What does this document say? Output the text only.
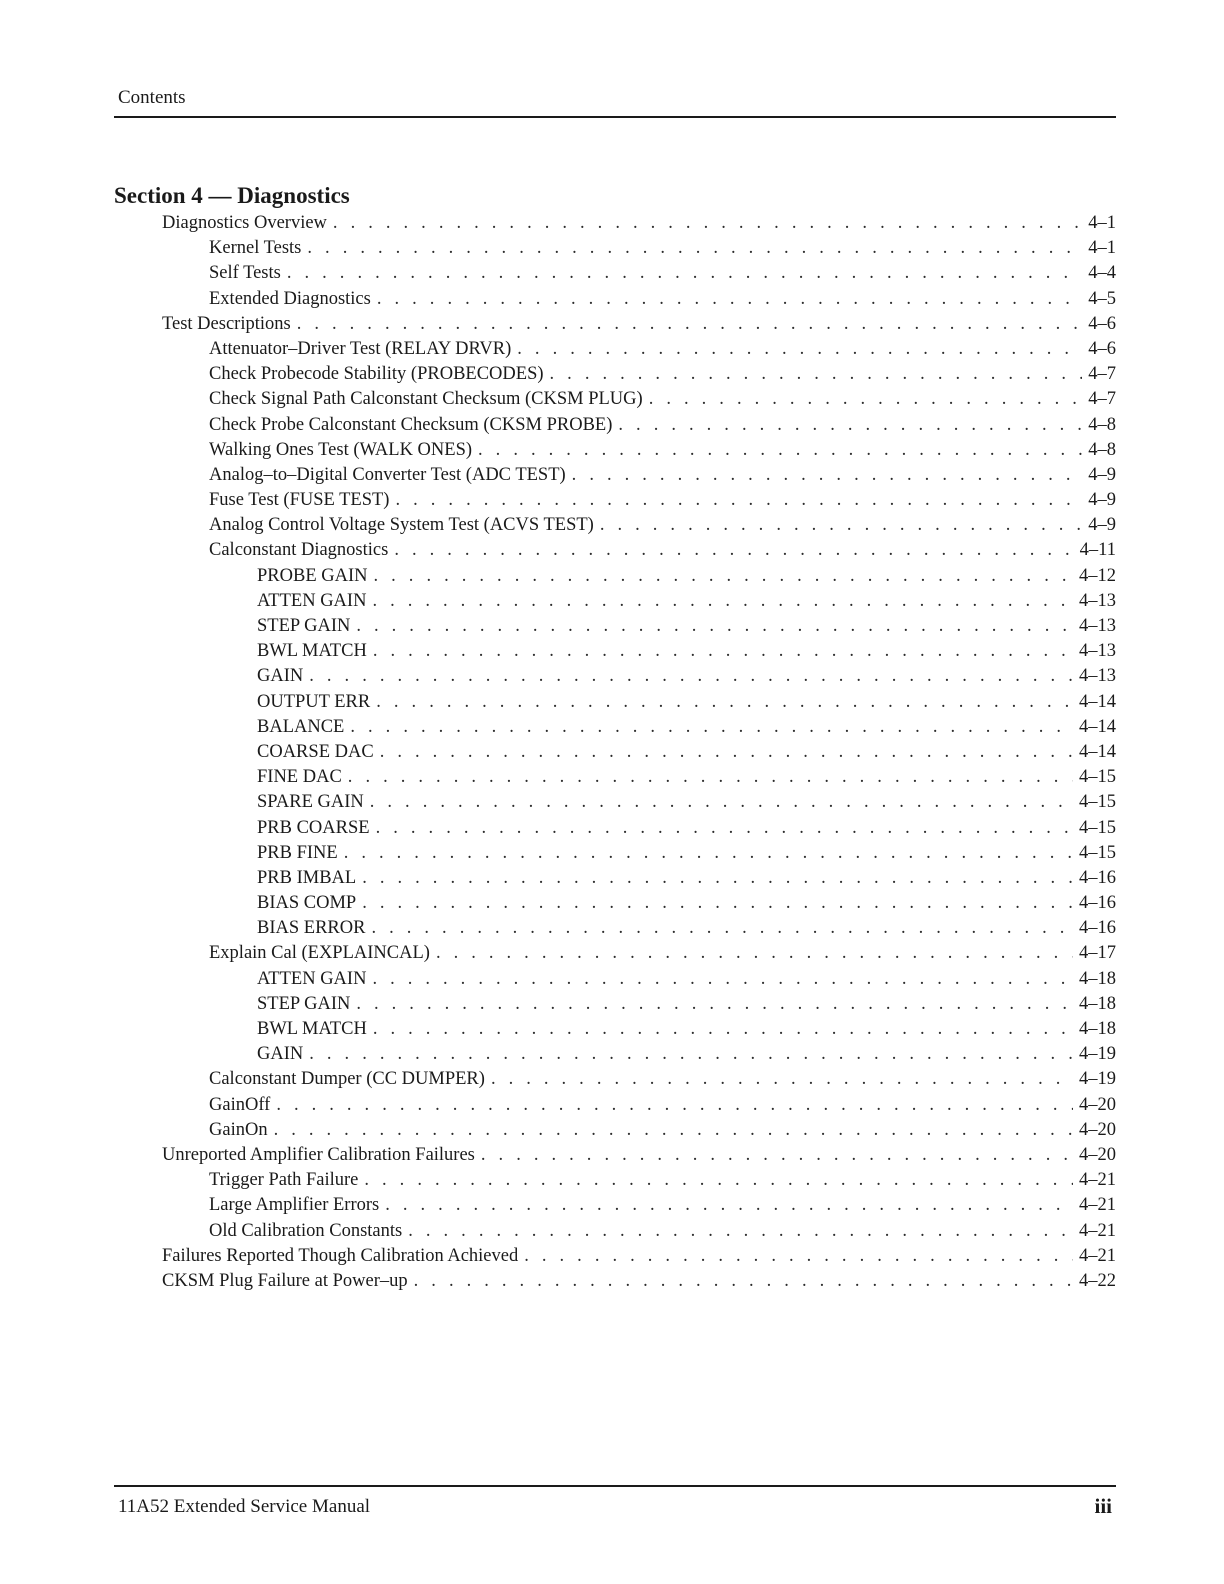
Contents
Section 4 — Diagnostics
Diagnostics Overview . . .	4–1
Kernel Tests . . .	4–1
Self Tests . . .	4–4
Extended Diagnostics . . .	4–5
Test Descriptions . . .	4–6
Attenuator–Driver Test (RELAY DRVR) . . .	4–6
Check Probecode Stability (PROBECODES) . . .	4–7
Check Signal Path Calconstant Checksum (CKSM PLUG) . . .	4–7
Check Probe Calconstant Checksum (CKSM PROBE) . . .	4–8
Walking Ones Test (WALK ONES) . . .	4–8
Analog–to–Digital Converter Test (ADC TEST) . . .	4–9
Fuse Test (FUSE TEST) . . .	4–9
Analog Control Voltage System Test (ACVS TEST) . . .	4–9
Calconstant Diagnostics . . .	4–11
PROBE GAIN . . .	4–12
ATTEN GAIN . . .	4–13
STEP GAIN . . .	4–13
BWL MATCH . . .	4–13
GAIN . . .	4–13
OUTPUT ERR . . .	4–14
BALANCE . . .	4–14
COARSE DAC . . .	4–14
FINE DAC . . .	4–15
SPARE GAIN . . .	4–15
PRB COARSE . . .	4–15
PRB FINE . . .	4–15
PRB IMBAL . . .	4–16
BIAS COMP . . .	4–16
BIAS ERROR . . .	4–16
Explain Cal (EXPLAINCAL) . . .	4–17
ATTEN GAIN . . .	4–18
STEP GAIN . . .	4–18
BWL MATCH . . .	4–18
GAIN . . .	4–19
Calconstant Dumper (CC DUMPER) . . .	4–19
GainOff . . .	4–20
GainOn . . .	4–20
Unreported Amplifier Calibration Failures . . .	4–20
Trigger Path Failure . . .	4–21
Large Amplifier Errors . . .	4–21
Old Calibration Constants . . .	4–21
Failures Reported Though Calibration Achieved . . .	4–21
CKSM Plug Failure at Power–up . . .	4–22
11A52 Extended Service Manual	iii
